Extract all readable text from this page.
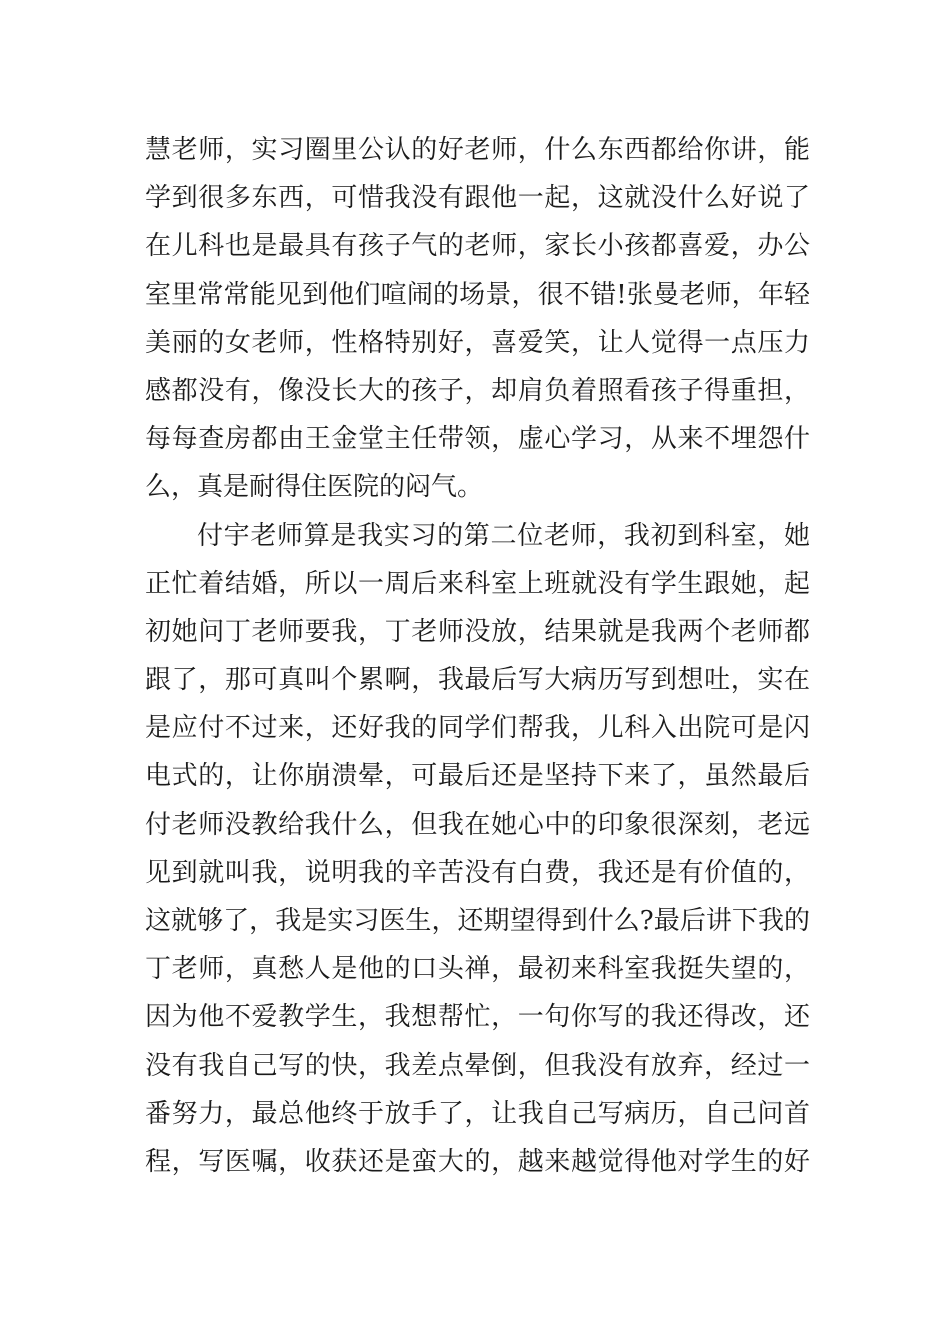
慧老师，实习圈里公认的好老师，什么东西都给你讲，能
学到很多东西，可惜我没有跟他一起，这就没什么好说了
在儿科也是最具有孩子气的老师，家长小孩都喜爱，办公
室里常常能见到他们喧闹的场景，很不错!张曼老师，年轻
美丽的女老师，性格特别好，喜爱笑，让人觉得一点压力
感都没有，像没长大的孩子，却肩负着照看孩子得重担，
每每查房都由王金堂主任带领，虚心学习，从来不埋怨什
么，真是耐得住医院的闷气。
付宇老师算是我实习的第二位老师，我初到科室，她
正忙着结婚，所以一周后来科室上班就没有学生跟她，起
初她问丁老师要我，丁老师没放，结果就是我两个老师都
跟了，那可真叫个累啊，我最后写大病历写到想吐，实在
是应付不过来，还好我的同学们帮我，儿科入出院可是闪
电式的，让你崩溃晕，可最后还是坚持下来了，虽然最后
付老师没教给我什么，但我在她心中的印象很深刻，老远
见到就叫我，说明我的辛苦没有白费，我还是有价值的，
这就够了，我是实习医生，还期望得到什么?最后讲下我的
丁老师，真愁人是他的口头禅，最初来科室我挺失望的，
因为他不爱教学生，我想帮忙，一句你写的我还得改，还
没有我自己写的快，我差点晕倒，但我没有放弃，经过一
番努力，最总他终于放手了，让我自己写病历，自己问首
程，写医嘱，收获还是蛮大的，越来越觉得他对学生的好
